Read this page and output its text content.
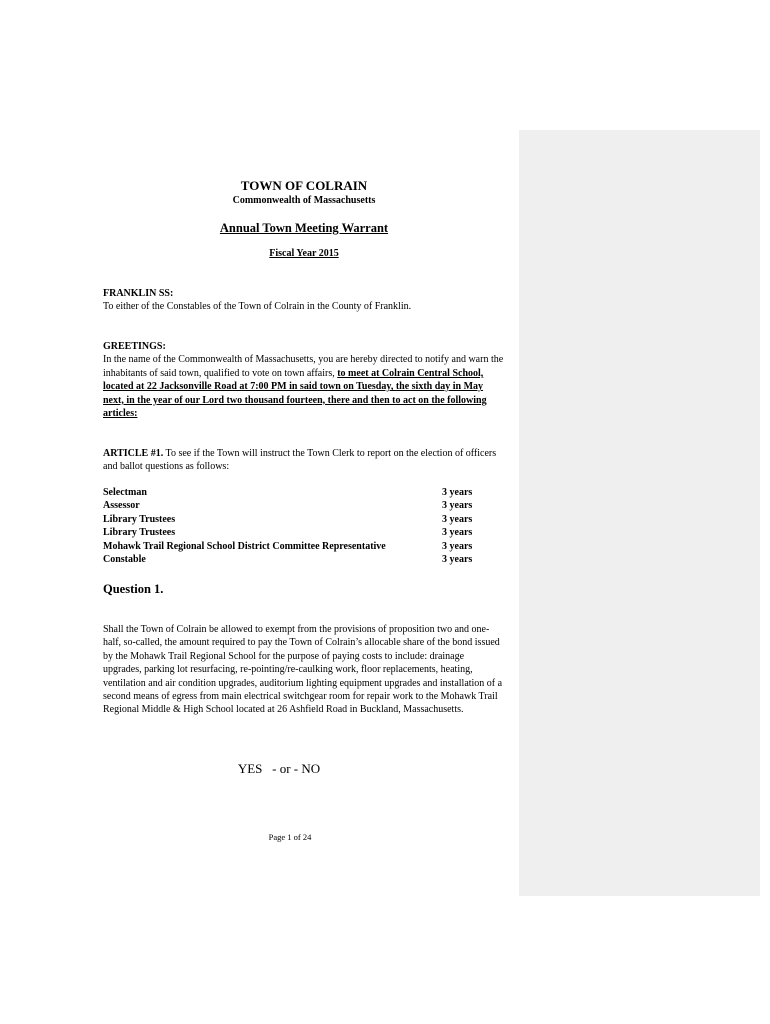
TOWN OF COLRAIN
Commonwealth of Massachusetts
Annual Town Meeting Warrant
Fiscal Year 2015
FRANKLIN SS:
To either of the Constables of the Town of Colrain in the County of Franklin.
GREETINGS:
In the name of the Commonwealth of Massachusetts, you are hereby directed to notify and warn the inhabitants of said town, qualified to vote on town affairs, to meet at Colrain Central School, located at 22 Jacksonville Road at 7:00 PM in said town on Tuesday, the sixth day in May next, in the year of our Lord two thousand fourteen, there and then to act on the following articles:
ARTICLE #1. To see if the Town will instruct the Town Clerk to report on the election of officers and ballot questions as follows:
Selectman	3 years
Assessor	3 years
Library Trustees	3 years
Library Trustees	3 years
Mohawk Trail Regional School District Committee Representative	3 years
Constable	3 years
Question 1.
Shall the Town of Colrain be allowed to exempt from the provisions of proposition two and one-half, so-called, the amount required to pay the Town of Colrain’s allocable share of the bond issued by the Mohawk Trail Regional School for the purpose of paying costs to include: drainage upgrades, parking lot resurfacing, re-pointing/re-caulking work, floor replacements, heating, ventilation and air condition upgrades, auditorium lighting equipment upgrades and installation of a second means of egress from main electrical switchgear room for repair work to the Mohawk Trail Regional Middle & High School located at 26 Ashfield Road in Buckland, Massachusetts.
YES   - or - NO
Page 1 of 24
